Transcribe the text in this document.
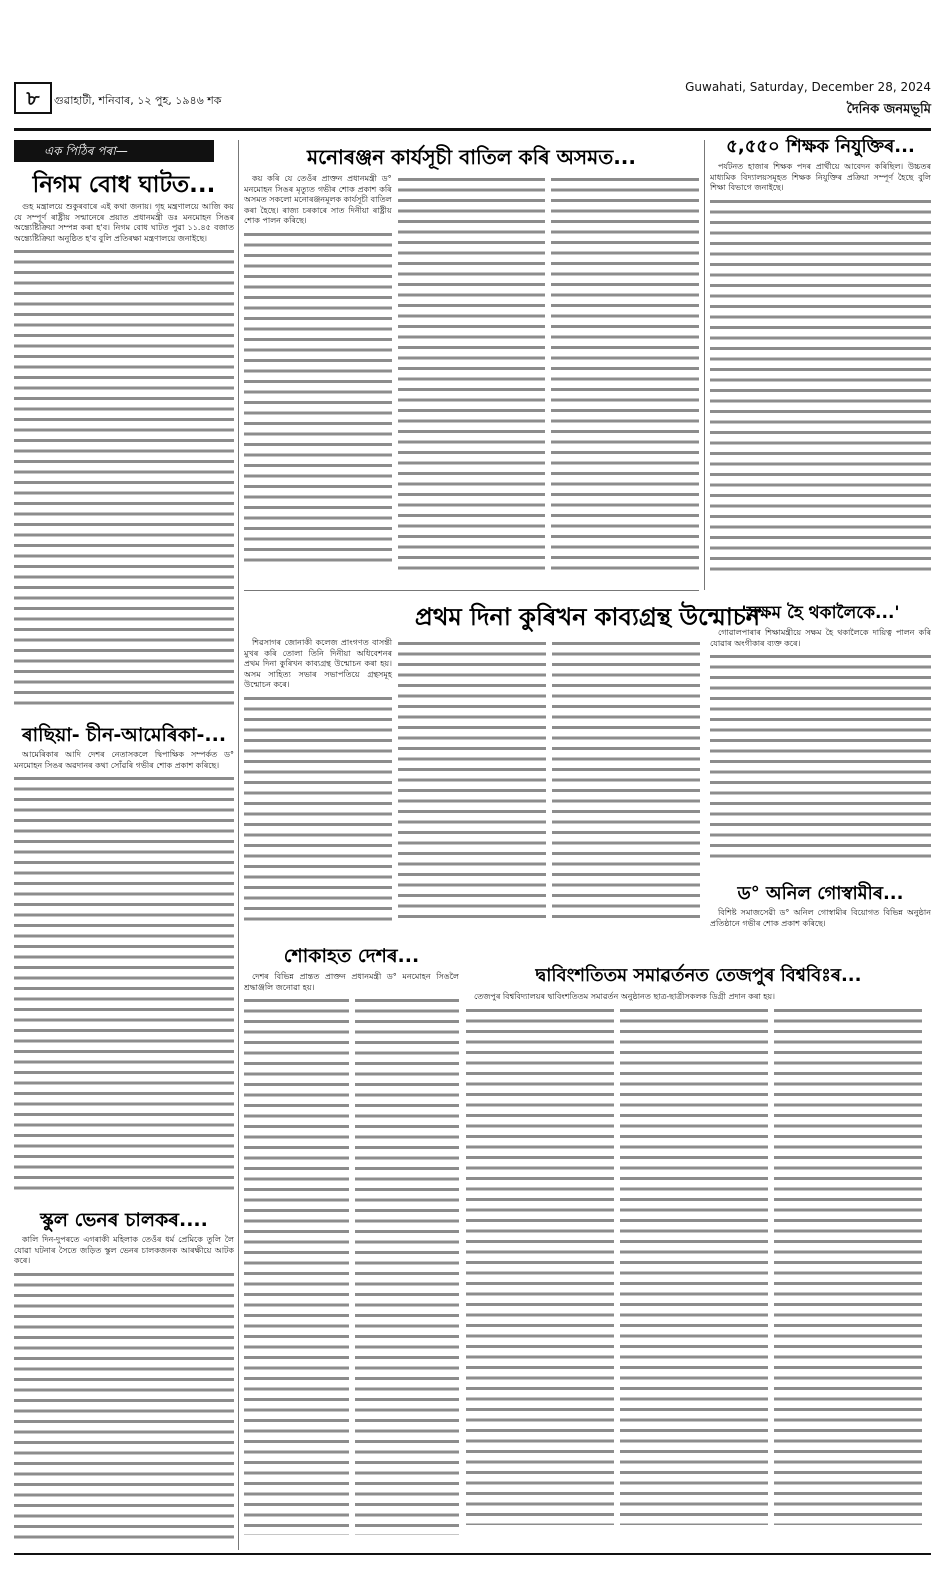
৮	গুৱাহাটী, শনিবাৰ, ১২ পুহ, ১৯৪৬ শক
Guwahati, Saturday, December 28, 2024
দৈনিক জনমভূমি
এক পিঠিৰ পৰা—
নিগম বোধ ঘাটত...

গুহ মন্ত্ৰালয়ে শুকুৰবাৰে এই কথা জনায়। গৃহ মন্ত্ৰণালয়ে আজি কয় যে সম্পূৰ্ণ ৰাষ্ট্ৰীয় সন্মানেৰে প্ৰয়াত প্ৰধানমন্ত্ৰী ডঃ মনমোহন সিঙৰ অন্ত্যেষ্টিক্ৰিয়া সম্পন্ন কৰা হ'ব। নিগম বোধ ঘাটত পুৱা ১১.৪৫ বজাত অন্ত্যেষ্টিক্ৰিয়া অনুষ্ঠিত হ'ব বুলি প্ৰতিৰক্ষা মন্ত্ৰণালয়ে জনাইছে।

ৰাছিয়া- চীন-আমেৰিকা-...

আমেৰিকাৰ আদি দেশৰ নেতাসকলে দ্বিপাক্ষিক সম্পৰ্কত ড° মনমোহন সিঙৰ অৱদানৰ কথা সোঁৱৰি গভীৰ শোক প্ৰকাশ কৰিছে।

স্কুল ভেনৰ চালকৰ....

কালি দিন-দুপৰতে এগৰাকী মহিলাক তেওঁৰ ধৰ্ম প্ৰেমিকে তুলি লৈ যোৱা ঘটনাৰ সৈতে জড়িত স্কুল ভেনৰ চালকজনক আৰক্ষীয়ে আটক কৰে।

মনোৰঞ্জন কাৰ্যসূচী বাতিল কৰি অসমত...

কয় কৰি যে তেওঁৰ প্ৰাক্তন প্ৰধানমন্ত্ৰী ড° মনমোহন সিঙৰ মৃত্যুত গভীৰ শোক প্ৰকাশ কৰি অসমত সকলো মনোৰঞ্জনমূলক কাৰ্যসূচী বাতিল কৰা হৈছে। ৰাজ্য চৰকাৰে সাত দিনীয়া ৰাষ্ট্ৰীয় শোক পালন কৰিছে।

প্ৰথম দিনা কুৰিখন কাব্যগ্ৰন্থ উন্মোচন

শিৱসাগৰ জোনাকী কলেজ প্ৰাংগণত বাসন্তী মুখৰ কৰি তোলা তিনি দিনীয়া অধিবেশনৰ প্ৰথম দিনা কুৰিখন কাব্যগ্ৰন্থ উন্মোচন কৰা হয়। অসম সাহিত্য সভাৰ সভাপতিয়ে গ্ৰন্থসমূহ উন্মোচন কৰে।

শোকাহত দেশৰ...

দেশৰ বিভিন্ন প্ৰান্তত প্ৰাক্তন প্ৰধানমন্ত্ৰী ড° মনমোহন সিঙলৈ শ্ৰদ্ধাঞ্জলি জনোৱা হয়।

দ্বাবিংশতিতম সমাৱৰ্তনত তেজপুৰ বিশ্ববিঃৰ...

তেজপুৰ বিশ্ববিদ্যালয়ৰ দ্বাবিংশতিতম সমাৱৰ্তন অনুষ্ঠানত ছাত্ৰ-ছাত্ৰীসকলক ডিগ্ৰী প্ৰদান কৰা হয়।

৫,৫৫০ শিক্ষক নিযুক্তিৰ...

পৰ্যটনত হাজাৰ শিক্ষক পদৰ প্ৰাৰ্থীয়ে আবেদন কৰিছিল। উচ্চতৰ মাধ্যমিক বিদ্যালয়সমূহত শিক্ষক নিযুক্তিৰ প্ৰক্ৰিয়া সম্পূৰ্ণ হৈছে বুলি শিক্ষা বিভাগে জনাইছে।

'সক্ষম হৈ থকালৈকে...'

গোৱালপাৰাৰ শিক্ষামন্ত্ৰীয়ে সক্ষম হৈ থকালৈকে দায়িত্ব পালন কৰি যোৱাৰ অংগীকাৰ ব্যক্ত কৰে।

ড° অনিল গোস্বামীৰ...

বিশিষ্ট সমাজসেৱী ড° অনিল গোস্বামীৰ বিয়োগত বিভিন্ন অনুষ্ঠান প্ৰতিষ্ঠানে গভীৰ শোক প্ৰকাশ কৰিছে।
